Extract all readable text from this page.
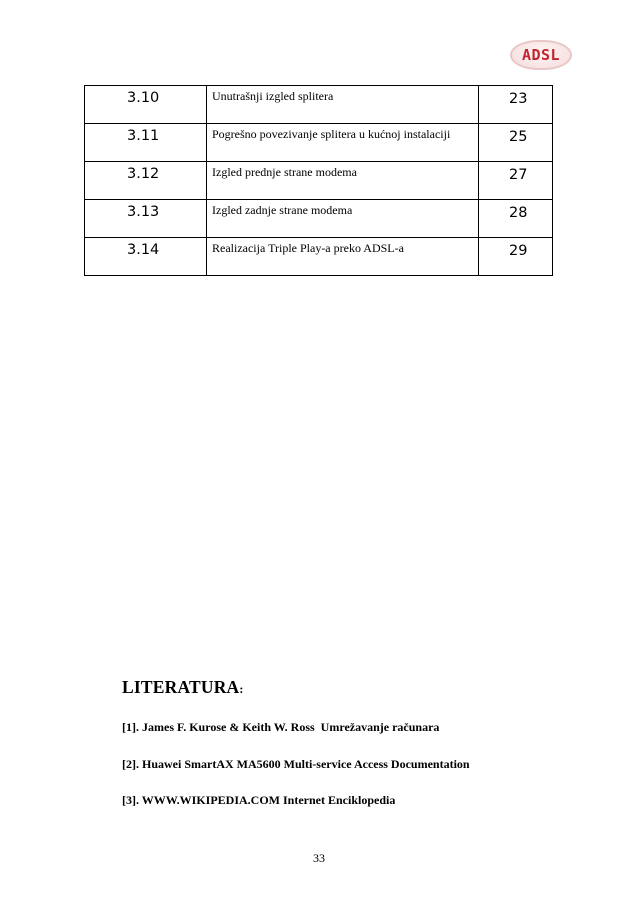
ADSL
3.10	Unutrašnji izgled splitera	23
3.11	Pogrešno povezivanje splitera u kućnoj instalaciji	25
3.12	Izgled prednje strane modema	27
3.13	Izgled zadnje strane modema	28
3.14	Realizacija Triple Play-a preko ADSL-a	29
LITERATURA:

[1]. James F. Kurose & Keith W. Ross  Umrežavanje računara

[2]. Huawei SmartAX MA5600 Multi-service Access Documentation

[3]. WWW.WIKIPEDIA.COM Internet Enciklopedia

33
